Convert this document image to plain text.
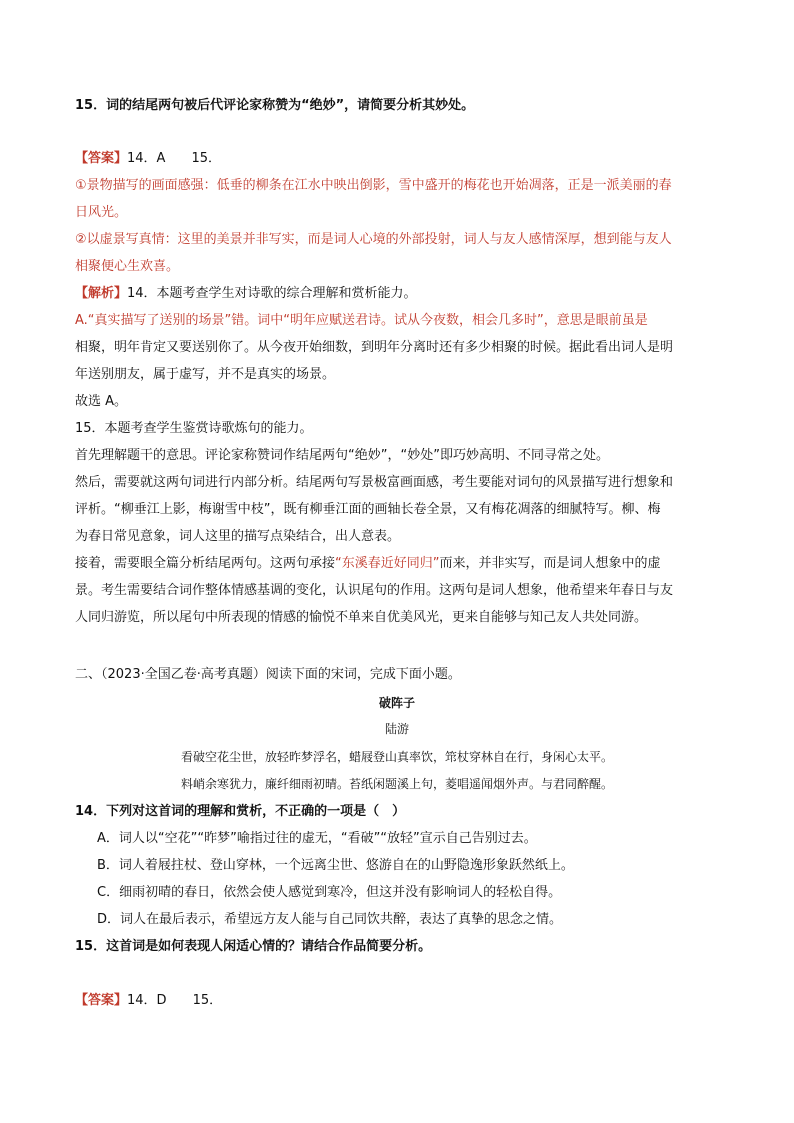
15．词的结尾两句被后代评论家称赞为“绝妙”，请简要分析其妙处。
【答案】14．A　　15．
①景物描写的画面感强：低垂的柳条在江水中映出倒影，雪中盛开的梅花也开始凋落，正是一派美丽的春
日风光。
②以虚景写真情：这里的美景并非写实，而是词人心境的外部投射，词人与友人感情深厚，想到能与友人
相聚便心生欢喜。
【解析】14．本题考查学生对诗歌的综合理解和赏析能力。
A.“真实描写了送别的场景”错。词中“明年应赋送君诗。试从今夜数，相会几多时”，意思是眼前虽是
相聚，明年肯定又要送别你了。从今夜开始细数，到明年分离时还有多少相聚的时候。据此看出词人是明
年送别朋友，属于虚写，并不是真实的场景。
故选 A。
15．本题考查学生鉴赏诗歌炼句的能力。
首先理解题干的意思。评论家称赞词作结尾两句“绝妙”，“妙处”即巧妙高明、不同寻常之处。
然后，需要就这两句词进行内部分析。结尾两句写景极富画面感，考生要能对词句的风景描写进行想象和
评析。“柳垂江上影，梅谢雪中枝”，既有柳垂江面的画轴长卷全景，又有梅花凋落的细腻特写。柳、梅
为春日常见意象，词人这里的描写点染结合，出人意表。
接着，需要眼全篇分析结尾两句。这两句承接“东溪春近好同归”而来，并非实写，而是词人想象中的虚
景。考生需要结合词作整体情感基调的变化，认识尾句的作用。这两句是词人想象，他希望来年春日与友
人同归游览，所以尾句中所表现的情感的愉悦不单来自优美风光，更来自能够与知己友人共处同游。
二、（2023·全国乙卷·高考真题）阅读下面的宋词，完成下面小题。
破阵子
陆游
看破空花尘世，放轻昨梦浮名，蜡屐登山真率饮，筇杖穿林自在行，身闲心太平。
料峭余寒犹力，廉纤细雨初晴。苔纸闲题溪上句，菱唱遥闻烟外声。与君同醉醒。
14．下列对这首词的理解和赏析，不正确的一项是（　）
A．词人以“空花”“昨梦”喻指过往的虚无，“看破”“放轻”宣示自己告别过去。
B．词人着屐拄杖、登山穿林，一个远离尘世、悠游自在的山野隐逸形象跃然纸上。
C．细雨初晴的春日，依然会使人感觉到寒冷，但这并没有影响词人的轻松自得。
D．词人在最后表示，希望远方友人能与自己同饮共醉，表达了真挚的思念之情。
15．这首词是如何表现人闲适心情的？请结合作品简要分析。
【答案】14．D　　15．
